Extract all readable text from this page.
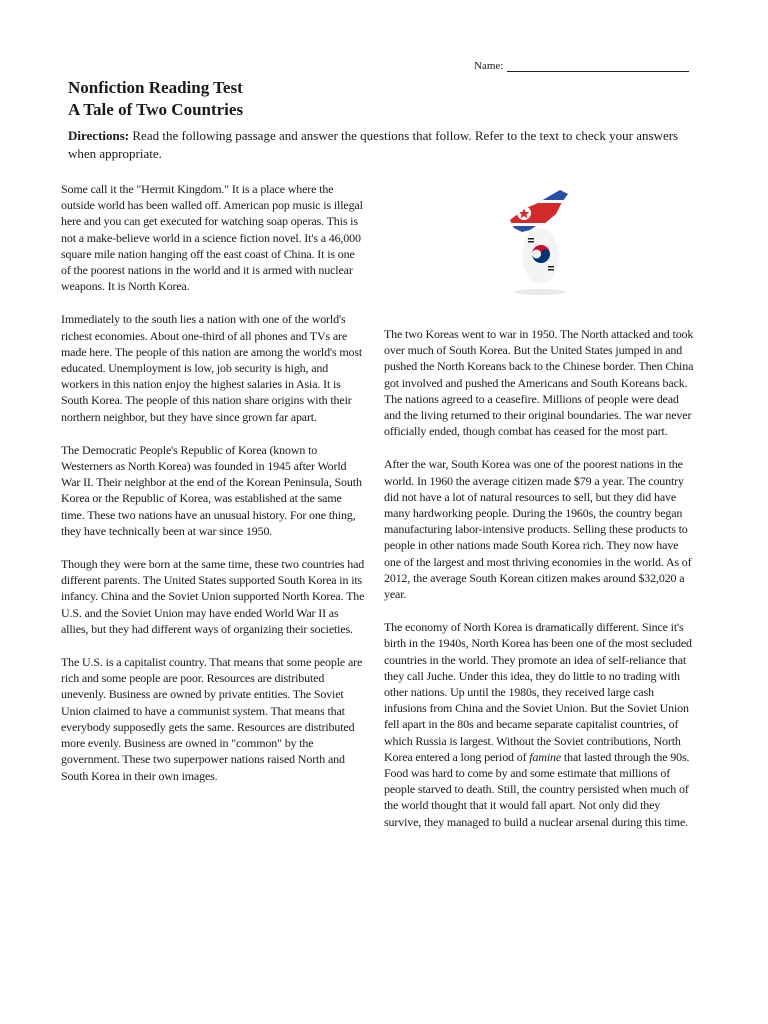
Name:
Nonfiction Reading Test
A Tale of Two Countries
Directions: Read the following passage and answer the questions that follow. Refer to the text to check your answers when appropriate.

Some call it the "Hermit Kingdom." It is a place where the outside world has been walled off. American pop music is illegal here and you can get executed for watching soap operas. This is not a make-believe world in a science fiction novel. It's a 46,000 square mile nation hanging off the east coast of China. It is one of the poorest nations in the world and it is armed with nuclear weapons. It is North Korea.

Immediately to the south lies a nation with one of the world's richest economies. About one-third of all phones and TVs are made here. The people of this nation are among the world's most educated. Unemployment is low, job security is high, and workers in this nation enjoy the highest salaries in Asia. It is South Korea. The people of this nation share origins with their northern neighbor, but they have since grown far apart.

The Democratic People's Republic of Korea (known to Westerners as North Korea) was founded in 1945 after World War II. Their neighbor at the end of the Korean Peninsula, South Korea or the Republic of Korea, was established at the same time. These two nations have an unusual history. For one thing, they have technically been at war since 1950.

Though they were born at the same time, these two countries had different parents. The United States supported South Korea in its infancy. China and the Soviet Union supported North Korea. The U.S. and the Soviet Union may have ended World War II as allies, but they had different ways of organizing their societies.

The U.S. is a capitalist country. That means that some people are rich and some people are poor. Resources are distributed unevenly. Business are owned by private entities. The Soviet Union claimed to have a communist system. That means that everybody supposedly gets the same. Resources are distributed more evenly. Business are owned in "common" by the government. These two superpower nations raised North and South Korea in their own images.

The two Koreas went to war in 1950. The North attacked and took over much of South Korea. But the United States jumped in and pushed the North Koreans back to the Chinese border. Then China got involved and pushed the Americans and South Koreans back. The nations agreed to a ceasefire. Millions of people were dead and the living returned to their original boundaries. The war never officially ended, though combat has ceased for the most part.

After the war, South Korea was one of the poorest nations in the world. In 1960 the average citizen made $79 a year. The country did not have a lot of natural resources to sell, but they did have many hardworking people. During the 1960s, the country began manufacturing labor-intensive products. Selling these products to people in other nations made South Korea rich. They now have one of the largest and most thriving economies in the world. As of 2012, the average South Korean citizen makes around $32,020 a year.

The economy of North Korea is dramatically different. Since it's birth in the 1940s, North Korea has been one of the most secluded countries in the world. They promote an idea of self-reliance that they call Juche. Under this idea, they do little to no trading with other nations. Up until the 1980s, they received large cash infusions from China and the Soviet Union. But the Soviet Union fell apart in the 80s and became separate capitalist countries, of which Russia is largest. Without the Soviet contributions, North Korea entered a long period of famine that lasted through the 90s. Food was hard to come by and some estimate that millions of people starved to death. Still, the country persisted when much of the world thought that it would fall apart. Not only did they survive, they managed to build a nuclear arsenal during this time.
